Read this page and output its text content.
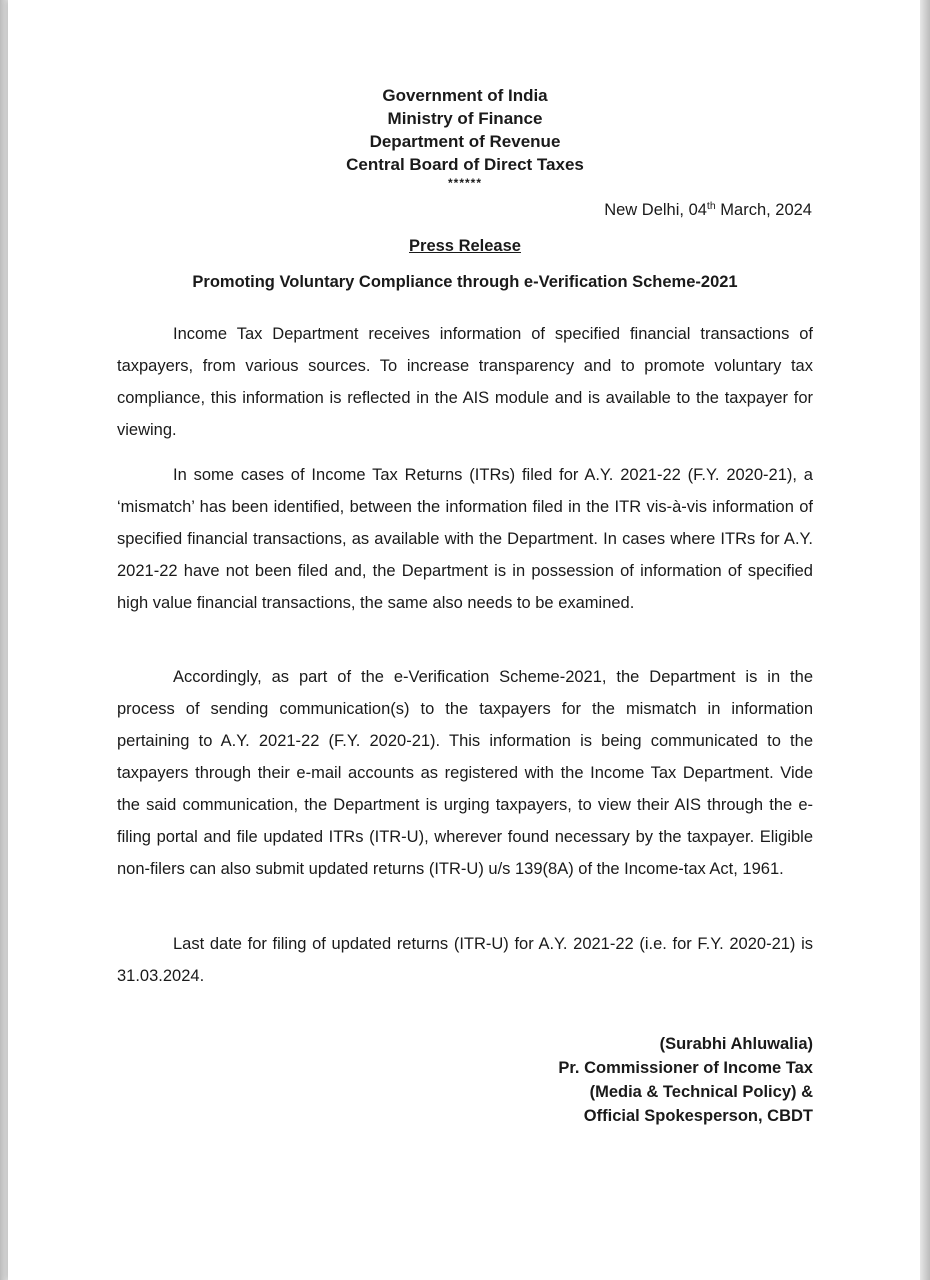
Government of India
Ministry of Finance
Department of Revenue
Central Board of Direct Taxes
******
New Delhi, 04th March, 2024
Press Release
Promoting Voluntary Compliance through e-Verification Scheme-2021

Income Tax Department receives information of specified financial transactions of taxpayers, from various sources. To increase transparency and to promote voluntary tax compliance, this information is reflected in the AIS module and is available to the taxpayer for viewing.

In some cases of Income Tax Returns (ITRs) filed for A.Y. 2021-22 (F.Y. 2020-21), a ‘mismatch’ has been identified, between the information filed in the ITR vis-à-vis information of specified financial transactions, as available with the Department. In cases where ITRs for A.Y. 2021-22 have not been filed and, the Department is in possession of information of specified high value financial transactions, the same also needs to be examined.

Accordingly, as part of the e-Verification Scheme-2021, the Department is in the process of sending communication(s) to the taxpayers for the mismatch in information pertaining to A.Y. 2021-22 (F.Y. 2020-21). This information is being communicated to the taxpayers through their e-mail accounts as registered with the Income Tax Department. Vide the said communication, the Department is urging taxpayers, to view their AIS through the e-filing portal and file updated ITRs (ITR-U), wherever found necessary by the taxpayer. Eligible non-filers can also submit updated returns (ITR-U) u/s 139(8A) of the Income-tax Act, 1961.

Last date for filing of updated returns (ITR-U) for A.Y. 2021-22 (i.e. for F.Y. 2020-21) is 31.03.2024.

(Surabhi Ahluwalia)
Pr. Commissioner of Income Tax
(Media & Technical Policy) &
Official Spokesperson, CBDT
